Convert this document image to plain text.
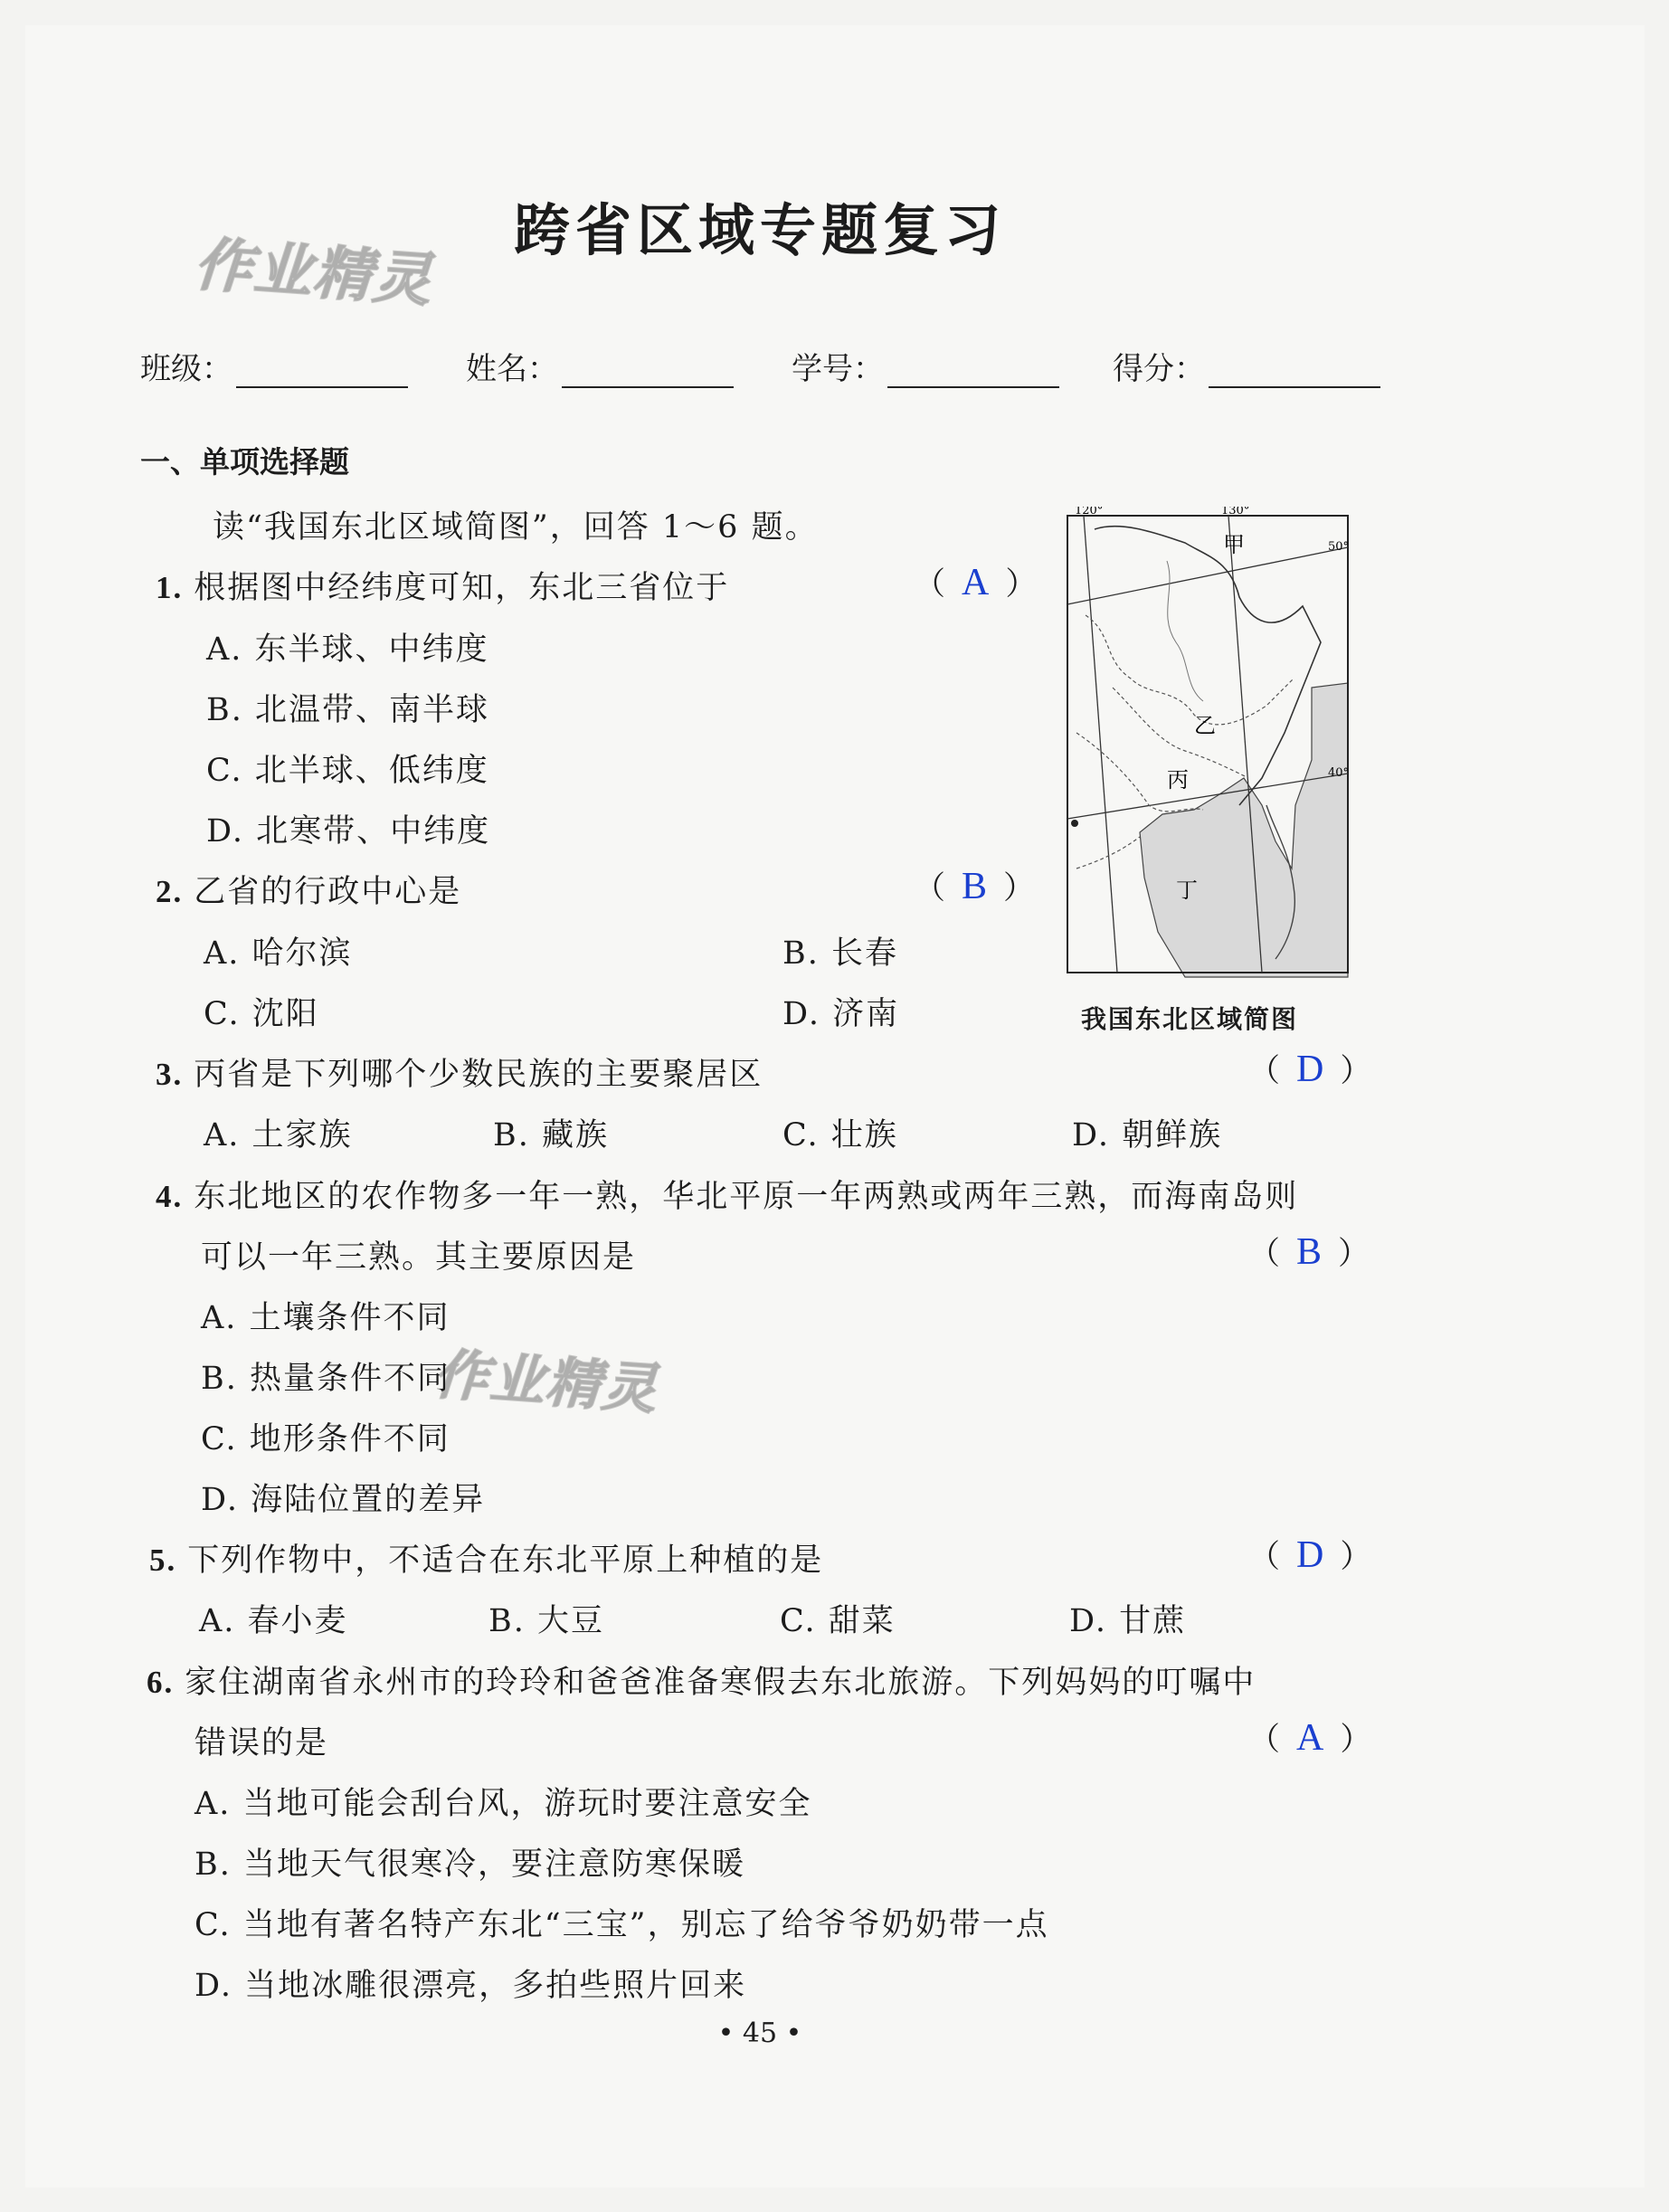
作业精灵
作业精灵
跨省区域专题复习
班级：	姓名：	学号：	得分：
一、单项选择题
读“我国东北区域简图”，回答 1～6 题。
1. 根据图中经纬度可知，东北三省位于	（ A ）
A. 东半球、中纬度
B. 北温带、南半球
C. 北半球、低纬度
D. 北寒带、中纬度
2. 乙省的行政中心是	（ B ）
A. 哈尔滨	B. 长春
C. 沈阳	D. 济南
120°	130°
50°
40°
甲
乙
丙
丁
我国东北区域简图
3. 丙省是下列哪个少数民族的主要聚居区	（ D ）
A. 土家族	B. 藏族	C. 壮族	D. 朝鲜族
4. 东北地区的农作物多一年一熟，华北平原一年两熟或两年三熟，而海南岛则
可以一年三熟。其主要原因是	（ B ）
A. 土壤条件不同
B. 热量条件不同
C. 地形条件不同
D. 海陆位置的差异
5. 下列作物中，不适合在东北平原上种植的是	（ D ）
A. 春小麦	B. 大豆	C. 甜菜	D. 甘蔗
6. 家住湖南省永州市的玲玲和爸爸准备寒假去东北旅游。下列妈妈的叮嘱中
错误的是	（ A ）
A. 当地可能会刮台风，游玩时要注意安全
B. 当地天气很寒冷，要注意防寒保暖
C. 当地有著名特产东北“三宝”，别忘了给爷爷奶奶带一点
D. 当地冰雕很漂亮，多拍些照片回来
• 45 •
